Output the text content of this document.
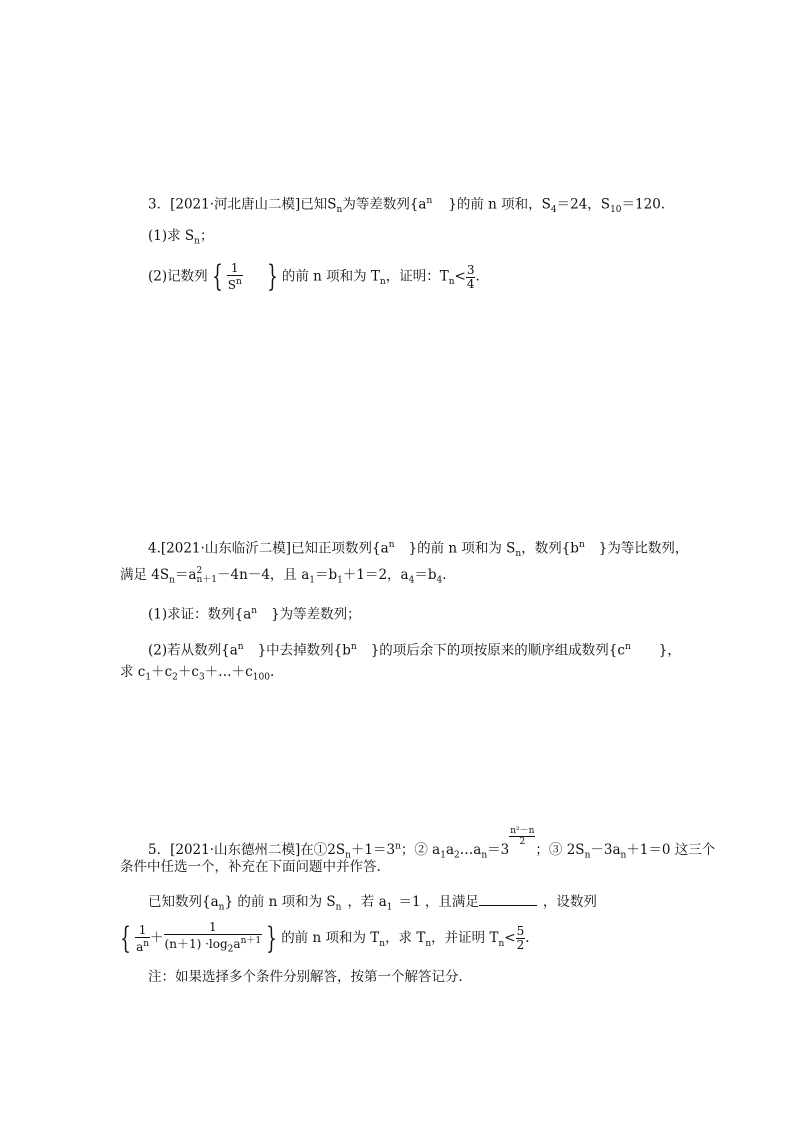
3．[2021·河北唐山二模]已知$S_n$为等差数列{$a^n$ }的前 n 项和，$S_4=24$，$S_{10}=120$.
(1)求 $S_n$；
(2)记数列 { $\frac{1}{S^n}$ } 的前 n 项和为 $T_n$，证明：$T_n< \frac{3}{4}$ .
4.[2021·山东临沂二模]已知正项数列{$a^n$ }的前 n 项和为 $S_n$，数列{$b^n$ }为等比数列，
满足 $4S_n=a$ 2
n＋1 －4n－4，且 $a_1=b_1+1=2$，$a_4=b_4$.
(1)求证：数列{$a^n$ }为等差数列；
(2)若从数列{$a^n$ }中去掉数列{$b^n$ }的项后余下的项按原来的顺序组成数列{$c^n$ }，
求 $c_1+c_2+c_3+\dots+c_{100}$.
5．[2021·山东德州二模]在$①2S_n+1=3^n$；② $a_1a_2\dots a_n=3$
$\frac{\text{n²－n}}{2}$
；③ $2S_n-3a_n+1=0$ 这三个
条件中任选一个，补充在下面问题中并作答.
已知数列$\{a_n\}$ 的前 n 项和为 $S_n$ ，若 $a_1 =1$ ，且满足	，设数列
{ $\frac{1}{a^n} + \frac{1}{(n+1) \cdot\log_2a^{n+1}}$ } 的前 n 项和为 $T_n$，求 $T_n$，并证明 $T_n< \frac{5}{2}$ .
注：如果选择多个条件分别解答，按第一个解答记分．
